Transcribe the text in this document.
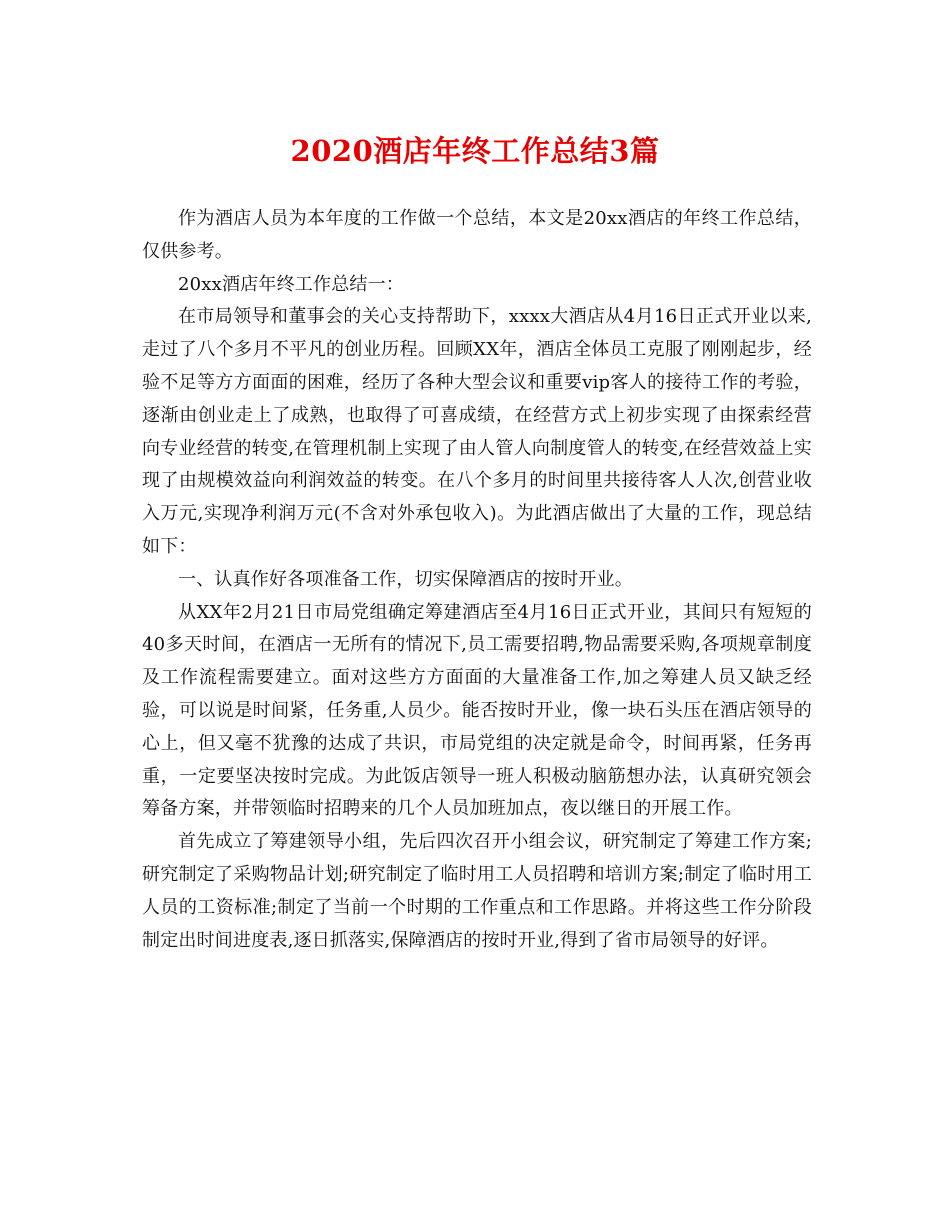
2020酒店年终工作总结3篇

作为酒店人员为本年度的工作做一个总结，本文是20xx酒店的年终工作总结，仅供参考。

20xx酒店年终工作总结一：

在市局领导和董事会的关心支持帮助下，xxxx大酒店从4月16日正式开业以来,走过了八个多月不平凡的创业历程。回顾XX年，酒店全体员工克服了刚刚起步，经验不足等方方面面的困难，经历了各种大型会议和重要vip客人的接待工作的考验，逐渐由创业走上了成熟，也取得了可喜成绩，在经营方式上初步实现了由探索经营向专业经营的转变,在管理机制上实现了由人管人向制度管人的转变,在经营效益上实现了由规模效益向利润效益的转变。在八个多月的时间里共接待客人人次,创营业收入万元,实现净利润万元(不含对外承包收入)。为此酒店做出了大量的工作，现总结如下：

一、认真作好各项准备工作，切实保障酒店的按时开业。

从XX年2月21日市局党组确定筹建酒店至4月16日正式开业，其间只有短短的40多天时间，在酒店一无所有的情况下,员工需要招聘,物品需要采购,各项规章制度及工作流程需要建立。面对这些方方面面的大量准备工作,加之筹建人员又缺乏经验，可以说是时间紧，任务重,人员少。能否按时开业，像一块石头压在酒店领导的心上，但又毫不犹豫的达成了共识，市局党组的决定就是命令，时间再紧，任务再重，一定要坚决按时完成。为此饭店领导一班人积极动脑筋想办法，认真研究领会筹备方案，并带领临时招聘来的几个人员加班加点，夜以继日的开展工作。

首先成立了筹建领导小组，先后四次召开小组会议，研究制定了筹建工作方案;研究制定了采购物品计划;研究制定了临时用工人员招聘和培训方案;制定了临时用工人员的工资标准;制定了当前一个时期的工作重点和工作思路。并将这些工作分阶段制定出时间进度表,逐日抓落实,保障酒店的按时开业,得到了省市局领导的好评。
